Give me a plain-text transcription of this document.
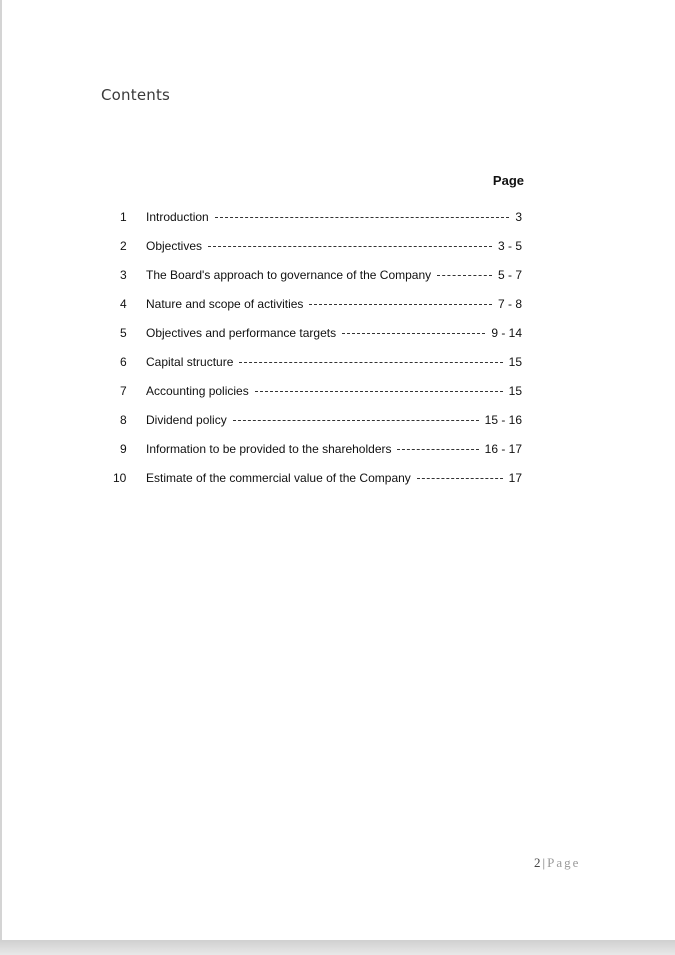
Contents
Page
1	Introduction	3
2	Objectives	3 - 5
3	The Board's approach to governance of the Company	5 - 7
4	Nature and scope of activities	7 - 8
5	Objectives and performance targets	9 - 14
6	Capital structure	15
7	Accounting policies	15
8	Dividend policy	15 - 16
9	Information to be provided to the shareholders	16 - 17
10	Estimate of the commercial value of the Company	17
2 | Page
